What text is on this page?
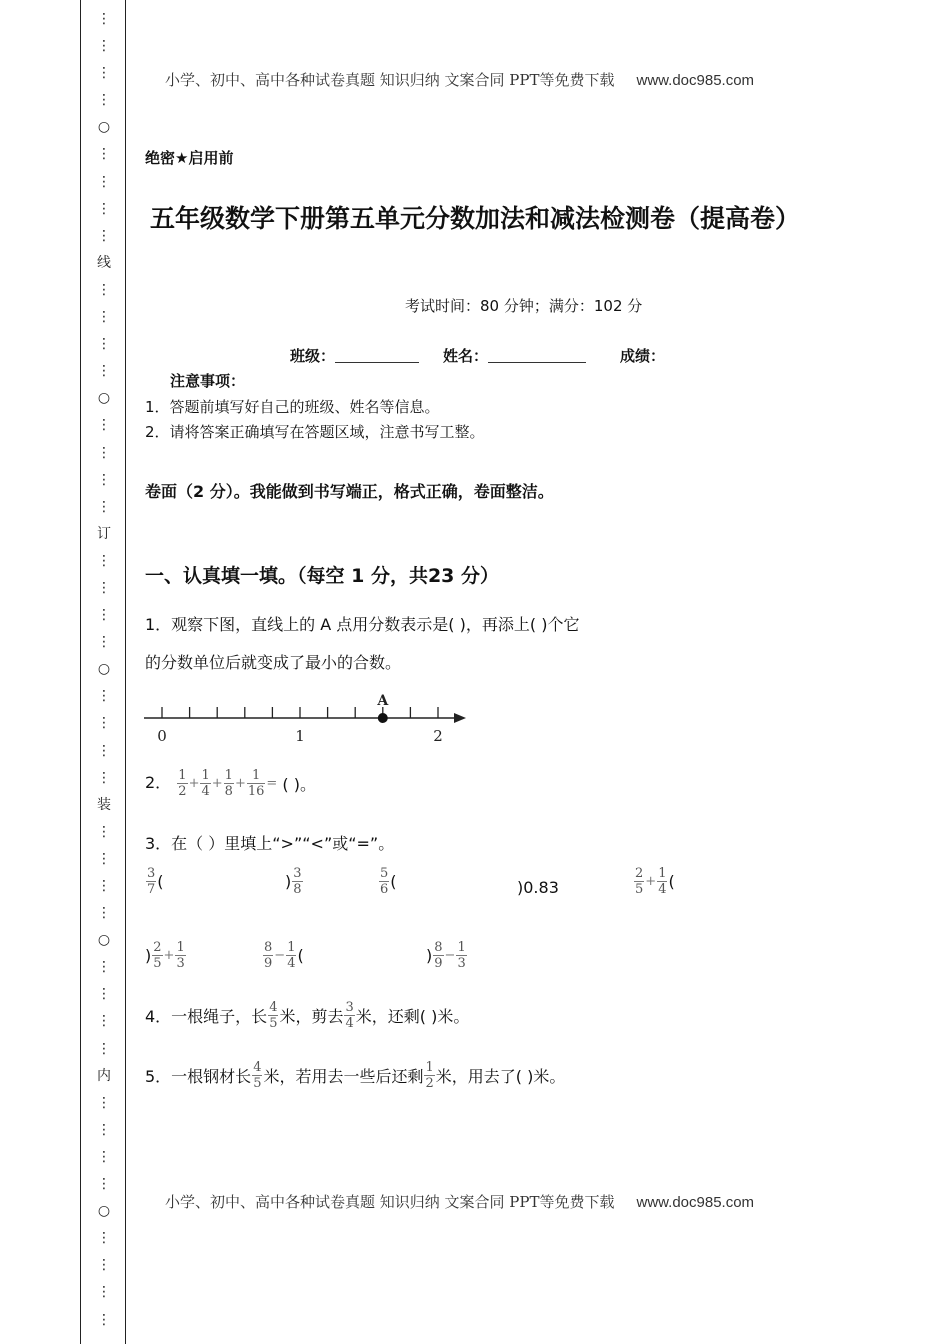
⋮
⋮
⋮
⋮
○
⋮
⋮
⋮
⋮
线
⋮
⋮
⋮
⋮
○
⋮
⋮
⋮
⋮
订
⋮
⋮
⋮
⋮
○
⋮
⋮
⋮
⋮
装
⋮
⋮
⋮
⋮
○
⋮
⋮
⋮
⋮
内
⋮
⋮
⋮
⋮
○
⋮
⋮
⋮
⋮
小学、初中、高中各种试卷真题 知识归纳 文案合同 PPT等免费下载 www.doc985.com
绝密★启用前
五年级数学下册第五单元分数加法和减法检测卷（提高卷）
考试时间：80 分钟；满分：102 分
班级：	姓名：	成绩：
注意事项：
1．答题前填写好自己的班级、姓名等信息。
2．请将答案正确填写在答题区域，注意书写工整。
卷面（2 分）。我能做到书写端正，格式正确，卷面整洁。
一、认真填一填。（每空 1 分，共23 分）
1．观察下图，直线上的 A 点用分数表示是( )，再添上( )个它
的分数单位后就变成了最小的合数。
0	1	2
A
2． $\frac{1}{2} + \frac{1}{4} + \frac{1}{8} + \frac{1}{16}$ = ( )。
3．在（ ）里填上“>”“<”或“=”。
$\frac{3}{7}$ (	) $\frac{3}{8}$	$\frac{5}{6}$ (	)0.83	$\frac{2}{5} + \frac{1}{4}$ (
) $\frac{2}{5} + \frac{1}{3}$	$\frac{8}{9} - \frac{1}{4}$ (	) $\frac{8}{9} - \frac{1}{3}$
4．一根绳子，长 $\frac{4}{5}$ 米，剪去 $\frac{3}{4}$ 米，还剩( )米。
5．一根钢材长 $\frac{4}{5}$ 米，若用去一些后还剩 $\frac{1}{2}$ 米，用去了( )米。
小学、初中、高中各种试卷真题 知识归纳 文案合同 PPT等免费下载 www.doc985.com
